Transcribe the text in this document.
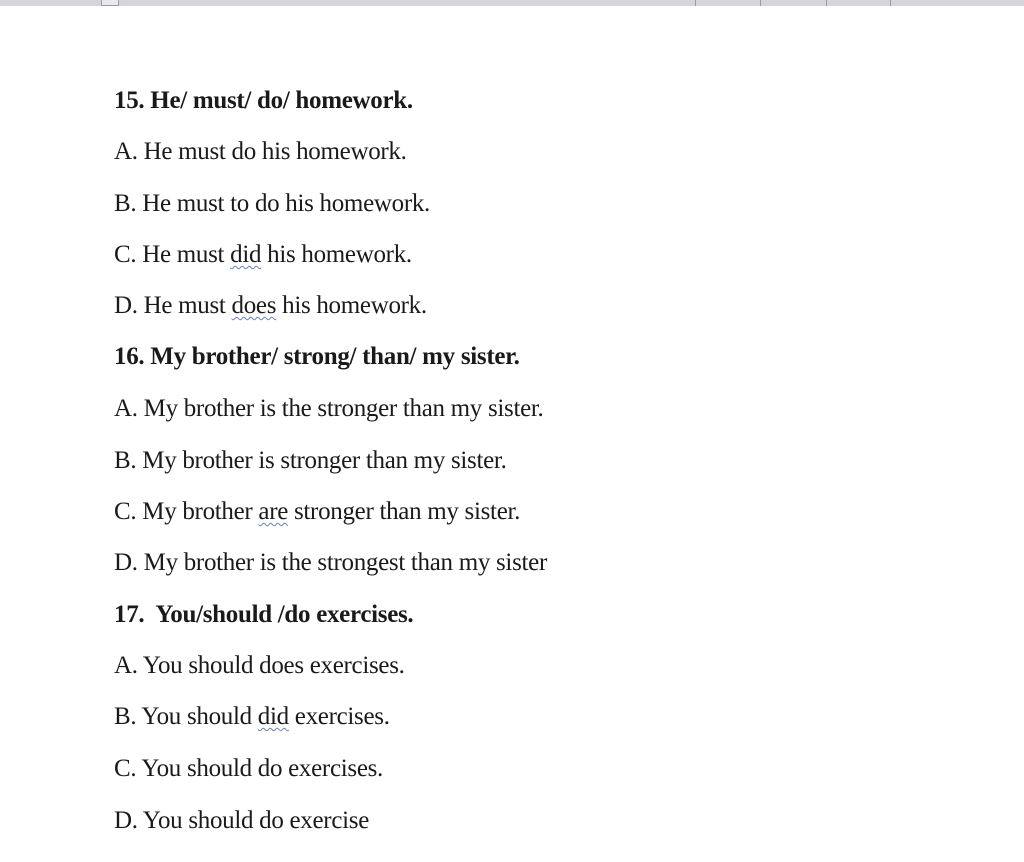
15. He/ must/ do/ homework.
A. He must do his homework.
B. He must to do his homework.
C. He must did his homework.
D. He must does his homework.
16. My brother/ strong/ than/ my sister.
A. My brother is the stronger than my sister.
B. My brother is stronger than my sister.
C. My brother are stronger than my sister.
D. My brother is the strongest than my sister
17.  You/should /do exercises.
A. You should does exercises.
B. You should did exercises.
C. You should do exercises.
D. You should do exercise
